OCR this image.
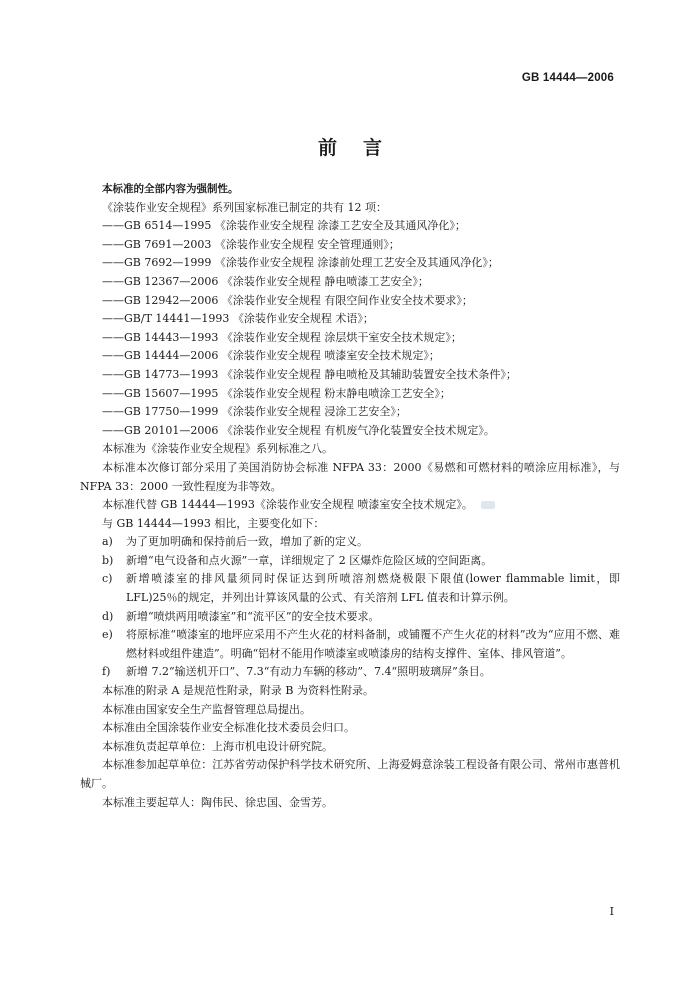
GB 14444—2006
前言

本标准的全部内容为强制性。

《涂装作业安全规程》系列国家标准已制定的共有 12 项：

——GB 6514—1995 《涂装作业安全规程 涂漆工艺安全及其通风净化》；

——GB 7691—2003 《涂装作业安全规程 安全管理通则》；

——GB 7692—1999 《涂装作业安全规程 涂漆前处理工艺安全及其通风净化》；

——GB 12367—2006 《涂装作业安全规程 静电喷漆工艺安全》；

——GB 12942—2006 《涂装作业安全规程 有限空间作业安全技术要求》；

——GB/T 14441—1993 《涂装作业安全规程 术语》；

——GB 14443—1993 《涂装作业安全规程 涂层烘干室安全技术规定》；

——GB 14444—2006 《涂装作业安全规程 喷漆室安全技术规定》；

——GB 14773—1993 《涂装作业安全规程 静电喷枪及其辅助装置安全技术条件》；

——GB 15607—1995 《涂装作业安全规程 粉末静电喷涂工艺安全》；

——GB 17750—1999 《涂装作业安全规程 浸涂工艺安全》；

——GB 20101—2006 《涂装作业安全规程 有机废气净化装置安全技术规定》。

本标准为《涂装作业安全规程》系列标准之八。

本标准本次修订部分采用了美国消防协会标准 NFPA 33：2000《易燃和可燃材料的喷涂应用标准》，与 NFPA 33：2000 一致性程度为非等效。

本标准代替 GB 14444—1993《涂装作业安全规程 喷漆室安全技术规定》。

与 GB 14444—1993 相比，主要变化如下：

a)	为了更加明确和保持前后一致，增加了新的定义。
b)	新增“电气设备和点火源”一章，详细规定了 2 区爆炸危险区域的空间距离。
c)	新增喷漆室的排风量须同时保证达到所喷溶剂燃烧极限下限值(lower flammable limit，即 LFL)25％的规定，并列出计算该风量的公式、有关溶剂 LFL 值表和计算示例。
d)	新增“喷烘两用喷漆室”和“流平区”的安全技术要求。
e)	将原标准“喷漆室的地坪应采用不产生火花的材料备制，或铺覆不产生火花的材料”改为“应用不燃、难燃材料或组件建造”。明确“铝材不能用作喷漆室或喷漆房的结构支撑件、室体、排风管道”。
f)	新增 7.2“输送机开口”、7.3“有动力车辆的移动”、7.4“照明玻璃屏”条目。

本标准的附录 A 是规范性附录，附录 B 为资料性附录。

本标准由国家安全生产监督管理总局提出。

本标准由全国涂装作业安全标准化技术委员会归口。

本标准负责起草单位：上海市机电设计研究院。

本标准参加起草单位：江苏省劳动保护科学技术研究所、上海爱姆意涂装工程设备有限公司、常州市惠普机械厂。

本标准主要起草人：陶伟民、徐忠国、金雪芳。

I
